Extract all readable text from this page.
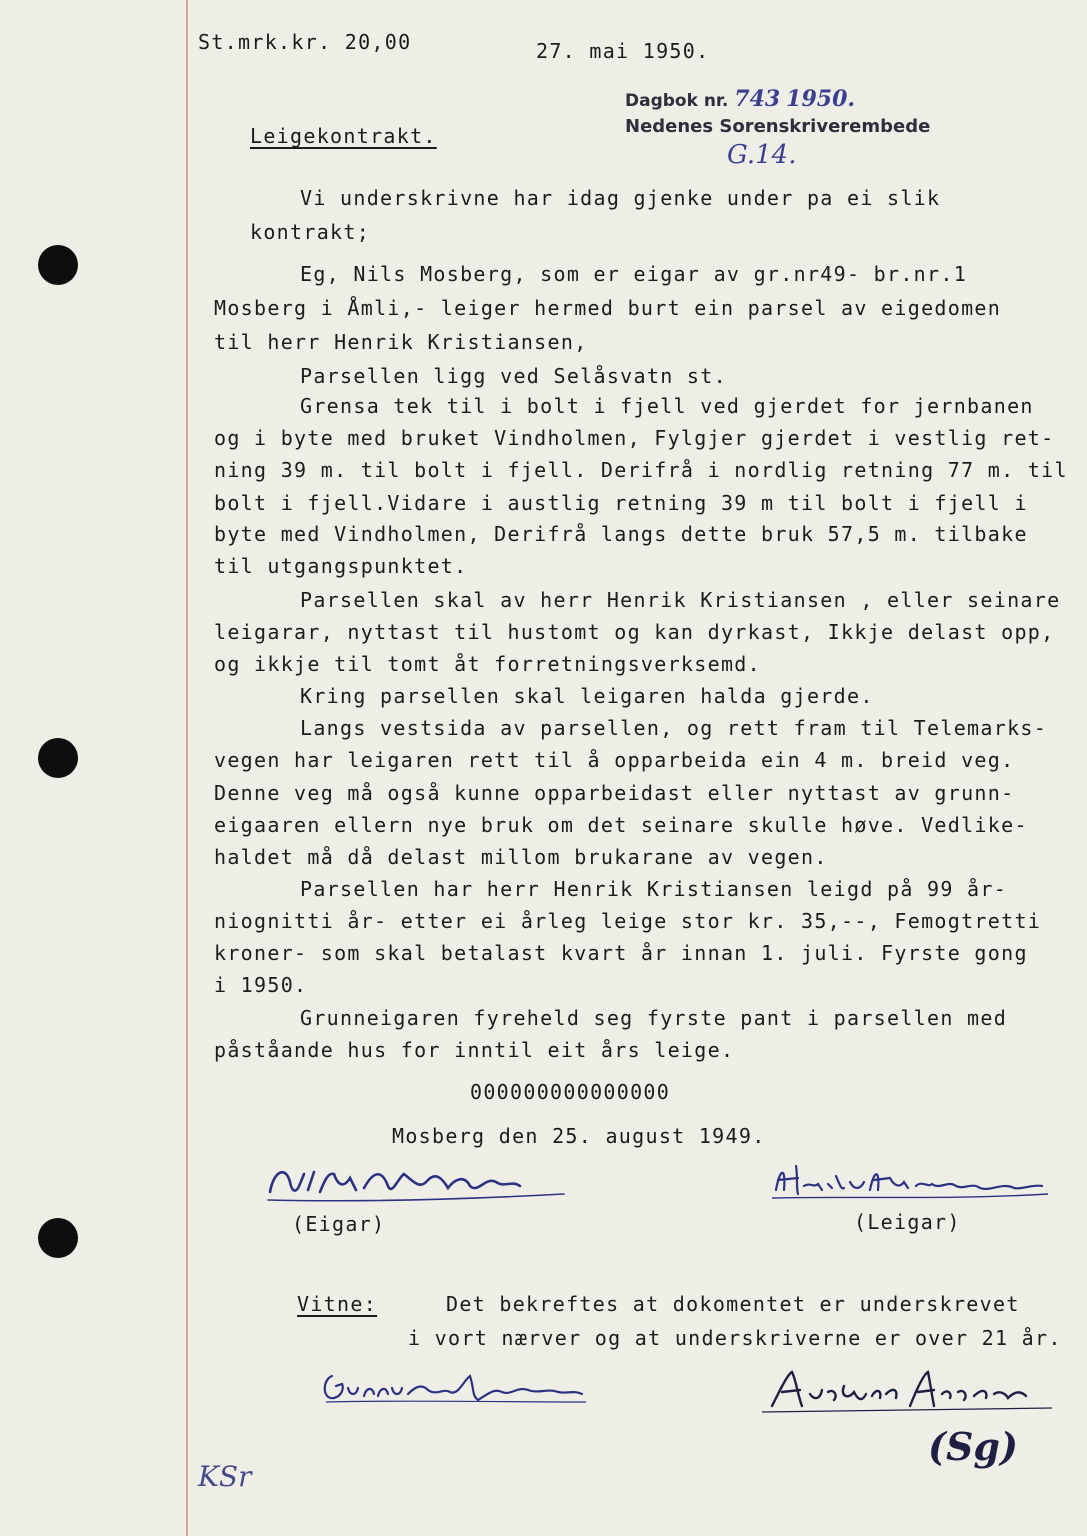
St.mrk.kr. 20,00	27. mai 1950.
Dagbok nr. 743 1950.
Nedenes Sorenskriverembede
G.14.
Leigekontrakt.
Vi underskrivne har idag gjenke under pa ei slik
kontrakt;
Eg, Nils Mosberg, som er eigar av gr.nr49- br.nr.1
Mosberg i Åmli,- leiger hermed burt ein parsel av eigedomen
til herr Henrik Kristiansen,
Parsellen ligg ved Selåsvatn st.
Grensa tek til i bolt i fjell ved gjerdet for jernbanen
og i byte med bruket Vindholmen, Fylgjer gjerdet i vestlig ret-
ning 39 m. til bolt i fjell. Derifrå i nordlig retning 77 m. til
bolt i fjell.Vidare i austlig retning 39 m til bolt i fjell i
byte med Vindholmen, Derifrå langs dette bruk 57,5 m. tilbake
til utgangspunktet.
Parsellen skal av herr Henrik Kristiansen , eller seinare
leigarar, nyttast til hustomt og kan dyrkast, Ikkje delast opp,
og ikkje til tomt åt forretningsverksemd.
Kring parsellen skal leigaren halda gjerde.
Langs vestsida av parsellen, og rett fram til Telemarks-
vegen har leigaren rett til å opparbeida ein 4 m. breid veg.
Denne veg må også kunne opparbeidast eller nyttast av grunn-
eigaaren ellern nye bruk om det seinare skulle høve. Vedlike-
haldet må då delast millom brukarane av vegen.
Parsellen har herr Henrik Kristiansen leigd på 99 år-
niognitti år- etter ei årleg leige stor kr. 35,--, Femogtretti
kroner- som skal betalast kvart år innan 1. juli. Fyrste gong
i 1950.
Grunneigaren fyreheld seg fyrste pant i parsellen med
påståande hus for inntil eit års leige.
000000000000000
Mosberg den 25. august 1949.
(Eigar)	(Leigar)
Vitne:	Det bekreftes at dokomentet er underskrevet
i vort nærver og at underskriverne er over 21 år.
(Sg)
KSr
